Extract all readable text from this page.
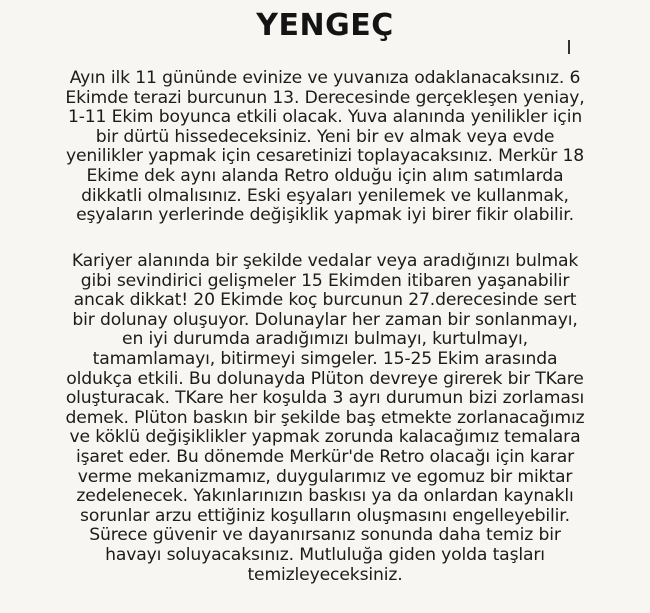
YENGEÇ

Ayın ilk 11 gününde evinize ve yuvanıza odaklanacaksınız. 6
Ekimde terazi burcunun 13. Derecesinde gerçekleşen yeniay,
1-11 Ekim boyunca etkili olacak. Yuva alanında yenilikler için
bir dürtü hissedeceksiniz. Yeni bir ev almak veya evde
yenilikler yapmak için cesaretinizi toplayacaksınız. Merkür 18
Ekime dek aynı alanda Retro olduğu için alım satımlarda
dikkatli olmalısınız. Eski eşyaları yenilemek ve kullanmak,
eşyaların yerlerinde değişiklik yapmak iyi birer fikir olabilir.

Kariyer alanında bir şekilde vedalar veya aradığınızı bulmak
gibi sevindirici gelişmeler 15 Ekimden itibaren yaşanabilir
ancak dikkat! 20 Ekimde koç burcunun 27.derecesinde sert
bir dolunay oluşuyor. Dolunaylar her zaman bir sonlanmayı,
en iyi durumda aradığımızı bulmayı, kurtulmayı,
tamamlamayı, bitirmeyi simgeler. 15-25 Ekim arasında
oldukça etkili. Bu dolunayda Plüton devreye girerek bir TKare
oluşturacak. TKare her koşulda 3 ayrı durumun bizi zorlaması
demek. Plüton baskın bir şekilde baş etmekte zorlanacağımız
ve köklü değişiklikler yapmak zorunda kalacağımız temalara
işaret eder. Bu dönemde Merkür'de Retro olacağı için karar
verme mekanizmamız, duygularımız ve egomuz bir miktar
zedelenecek. Yakınlarınızın baskısı ya da onlardan kaynaklı
sorunlar arzu ettiğiniz koşulların oluşmasını engelleyebilir.
Sürece güvenir ve dayanırsanız sonunda daha temiz bir
havayı soluyacaksınız. Mutluluğa giden yolda taşları
temizleyeceksiniz.
